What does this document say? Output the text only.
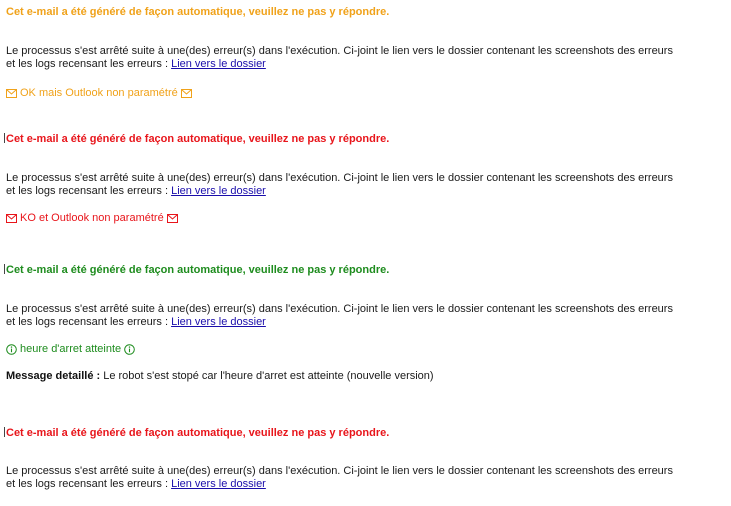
Cet e-mail a été généré de façon automatique, veuillez ne pas y répondre.

Le processus s'est arrêté suite à une(des) erreur(s) dans l'exécution. Ci-joint le lien vers le dossier contenant les screenshots des erreurs
et les logs recensant les erreurs : Lien vers le dossier
OK mais Outlook non paramétré

Cet e-mail a été généré de façon automatique, veuillez ne pas y répondre.

Le processus s'est arrêté suite à une(des) erreur(s) dans l'exécution. Ci-joint le lien vers le dossier contenant les screenshots des erreurs
et les logs recensant les erreurs : Lien vers le dossier
KO et Outlook non paramétré

Cet e-mail a été généré de façon automatique, veuillez ne pas y répondre.

Le processus s'est arrêté suite à une(des) erreur(s) dans l'exécution. Ci-joint le lien vers le dossier contenant les screenshots des erreurs
et les logs recensant les erreurs : Lien vers le dossier
heure d'arret atteinte
Message detaillé : Le robot s'est stopé car l'heure d'arret est atteinte (nouvelle version)

Cet e-mail a été généré de façon automatique, veuillez ne pas y répondre.

Le processus s'est arrêté suite à une(des) erreur(s) dans l'exécution. Ci-joint le lien vers le dossier contenant les screenshots des erreurs
et les logs recensant les erreurs : Lien vers le dossier
